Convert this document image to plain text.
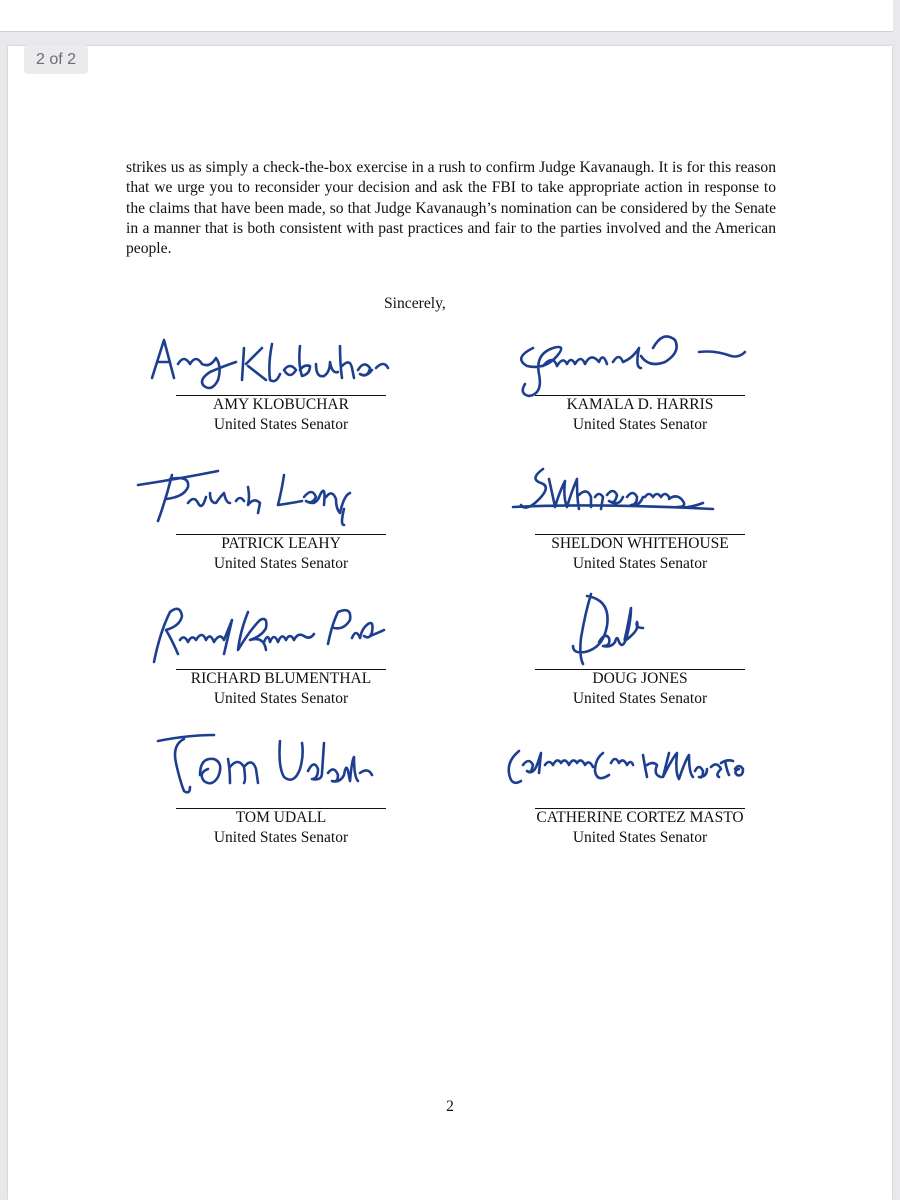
2 of 2

strikes us as simply a check-the-box exercise in a rush to confirm Judge Kavanaugh. It is for this reason that we urge you to reconsider your decision and ask the FBI to take appropriate action in response to the claims that have been made, so that Judge Kavanaugh’s nomination can be considered by the Senate in a manner that is both consistent with past practices and fair to the parties involved and the American people.

Sincerely,
AMY KLOBUCHAR
United States Senator
KAMALA D. HARRIS
United States Senator
PATRICK LEAHY
United States Senator
SHELDON WHITEHOUSE
United States Senator
RICHARD BLUMENTHAL
United States Senator
DOUG JONES
United States Senator
TOM UDALL
United States Senator
CATHERINE CORTEZ MASTO
United States Senator
2
